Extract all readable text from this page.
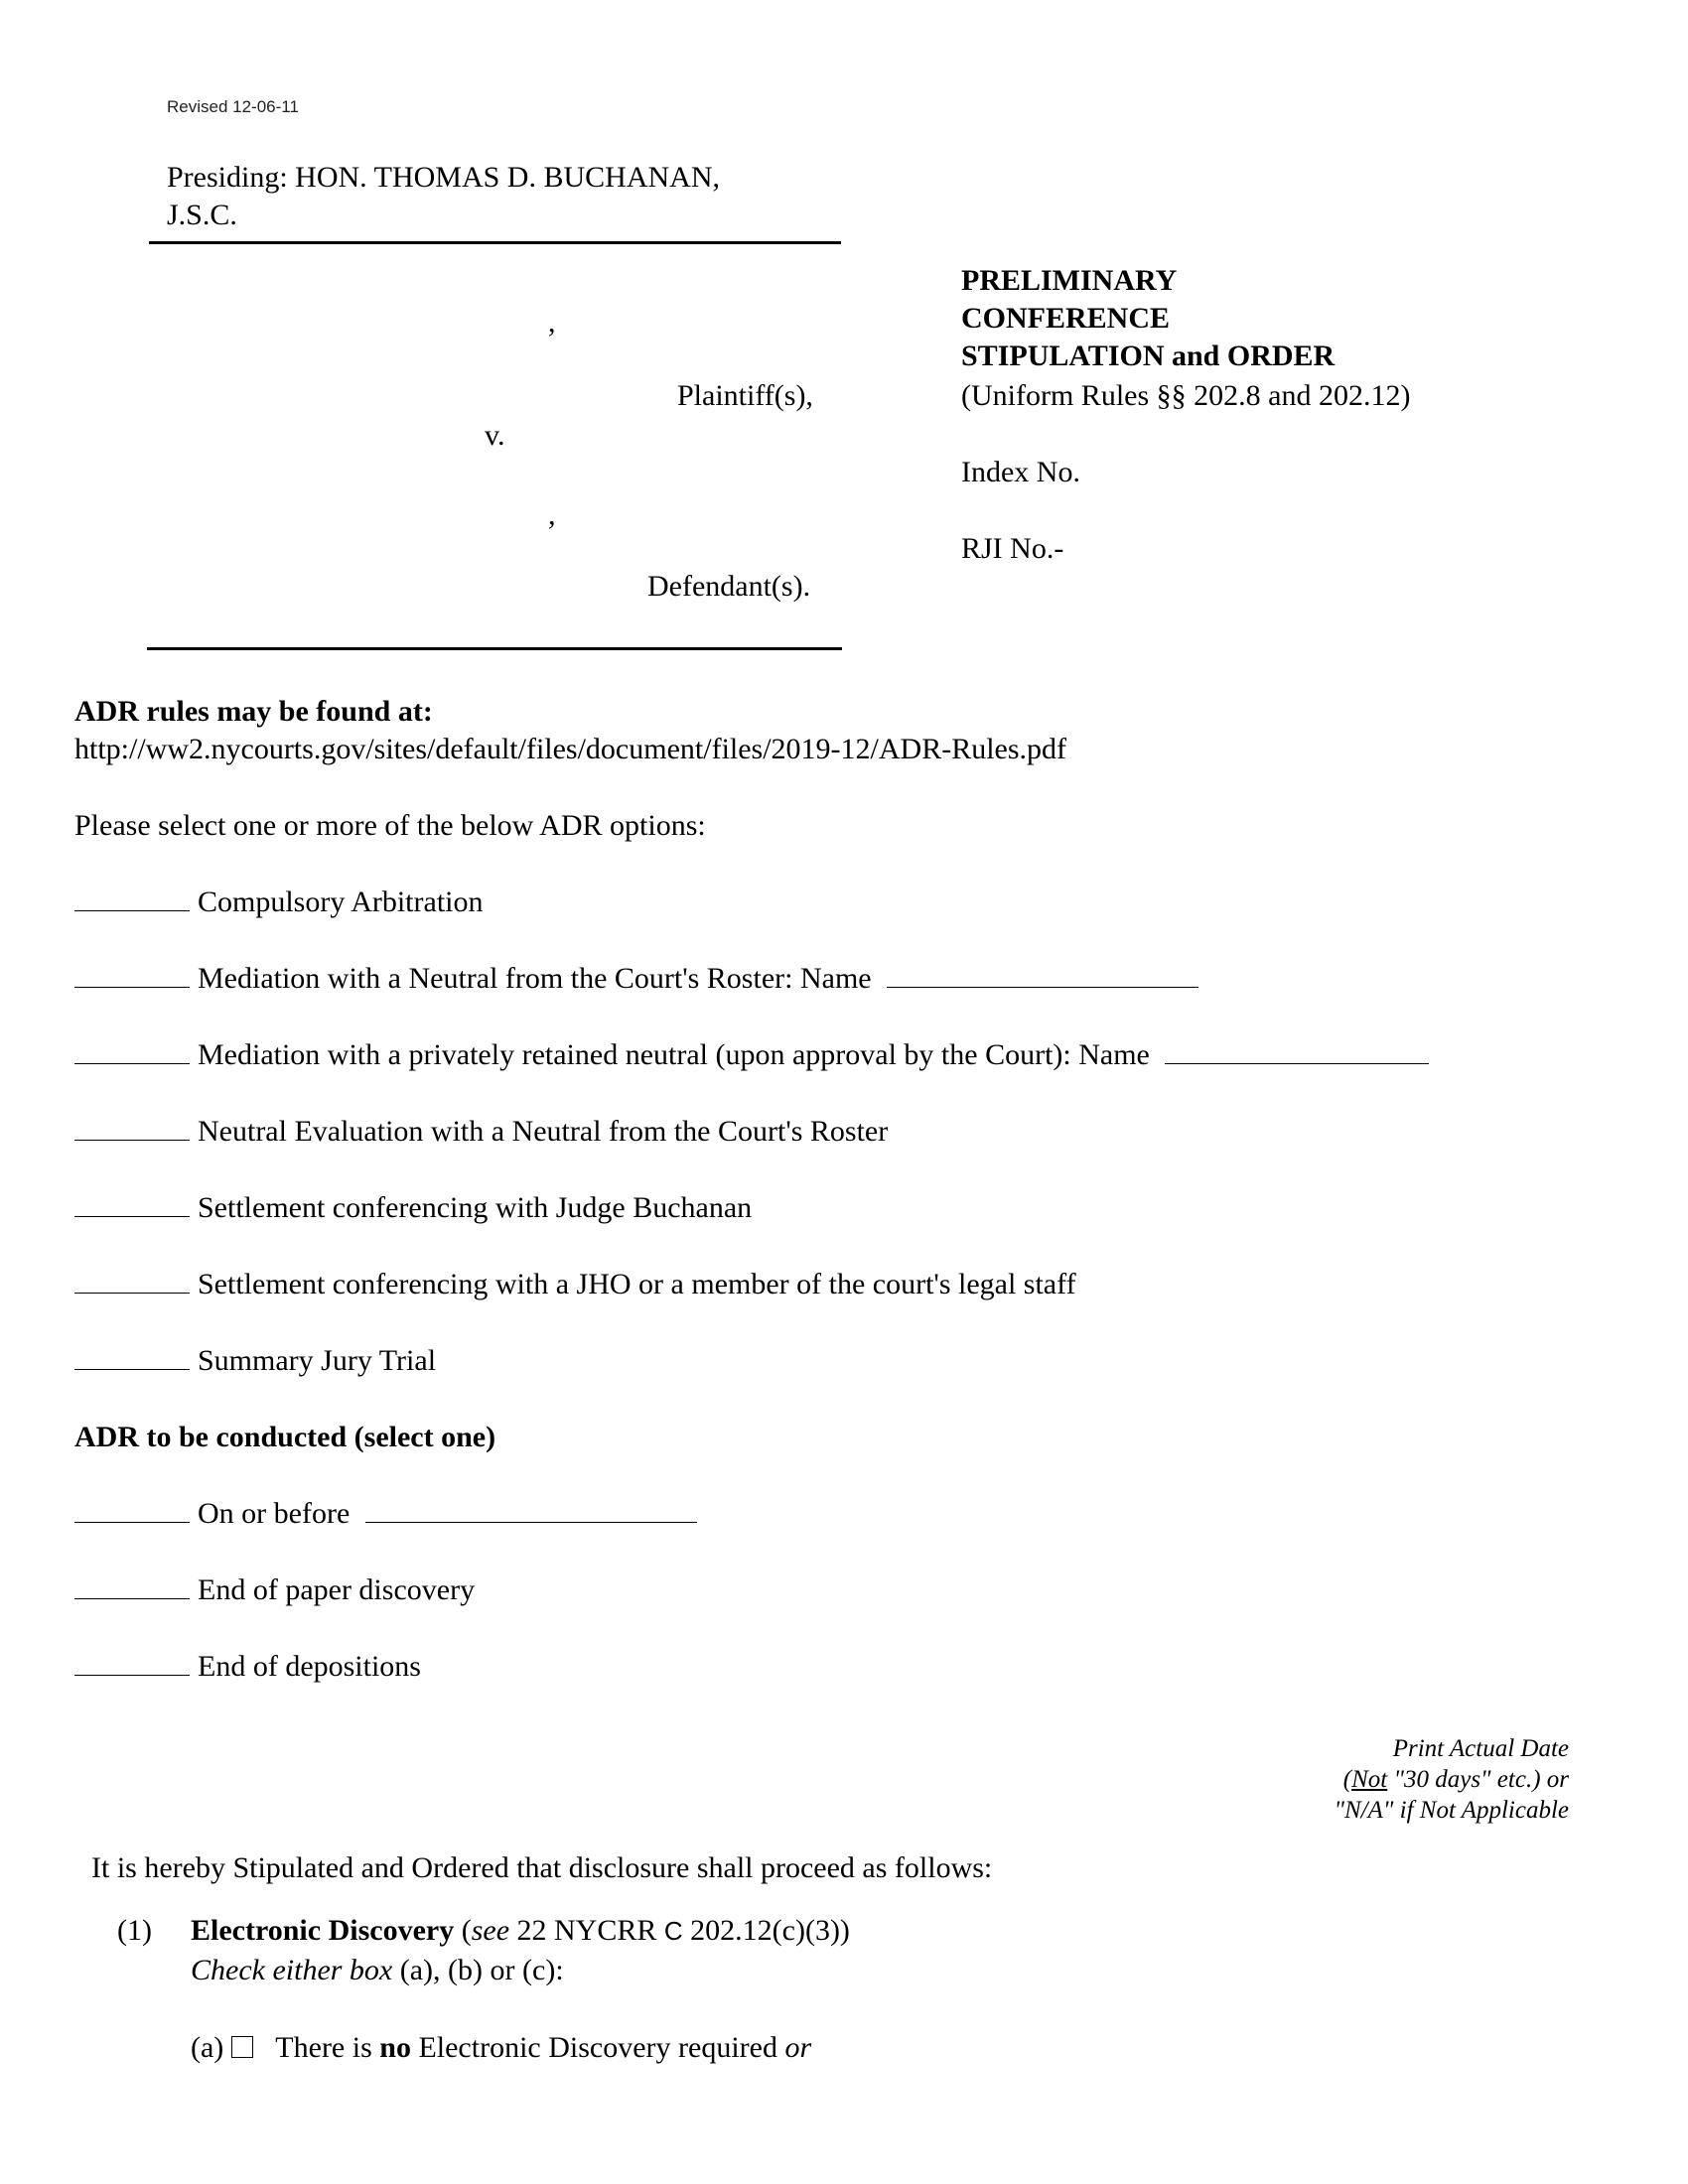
Revised 12-06-11
Presiding: HON. THOMAS D. BUCHANAN,
J.S.C.
,
Plaintiff(s),
v.
,
Defendant(s).
PRELIMINARY
CONFERENCE
STIPULATION and ORDER
(Uniform Rules §§ 202.8 and 202.12)
Index No.
RJI No.-
ADR rules may be found at:
http://ww2.nycourts.gov/sites/default/files/document/files/2019-12/ADR-Rules.pdf
Please select one or more of the below ADR options:
Compulsory Arbitration
Mediation with a Neutral from the Court's Roster: Name
Mediation with a privately retained neutral (upon approval by the Court): Name
Neutral Evaluation with a Neutral from the Court's Roster
Settlement conferencing with Judge Buchanan
Settlement conferencing with a JHO or a member of the court's legal staff
Summary Jury Trial
ADR to be conducted (select one)
On or before
End of paper discovery
End of depositions
Print Actual Date
(Not "30 days" etc.) or
"N/A" if Not Applicable
It is hereby Stipulated and Ordered that disclosure shall proceed as follows:
(1) Electronic Discovery (see 22 NYCRR C 202.12(c)(3))
Check either box (a), (b) or (c):
(a) There is no Electronic Discovery required or
